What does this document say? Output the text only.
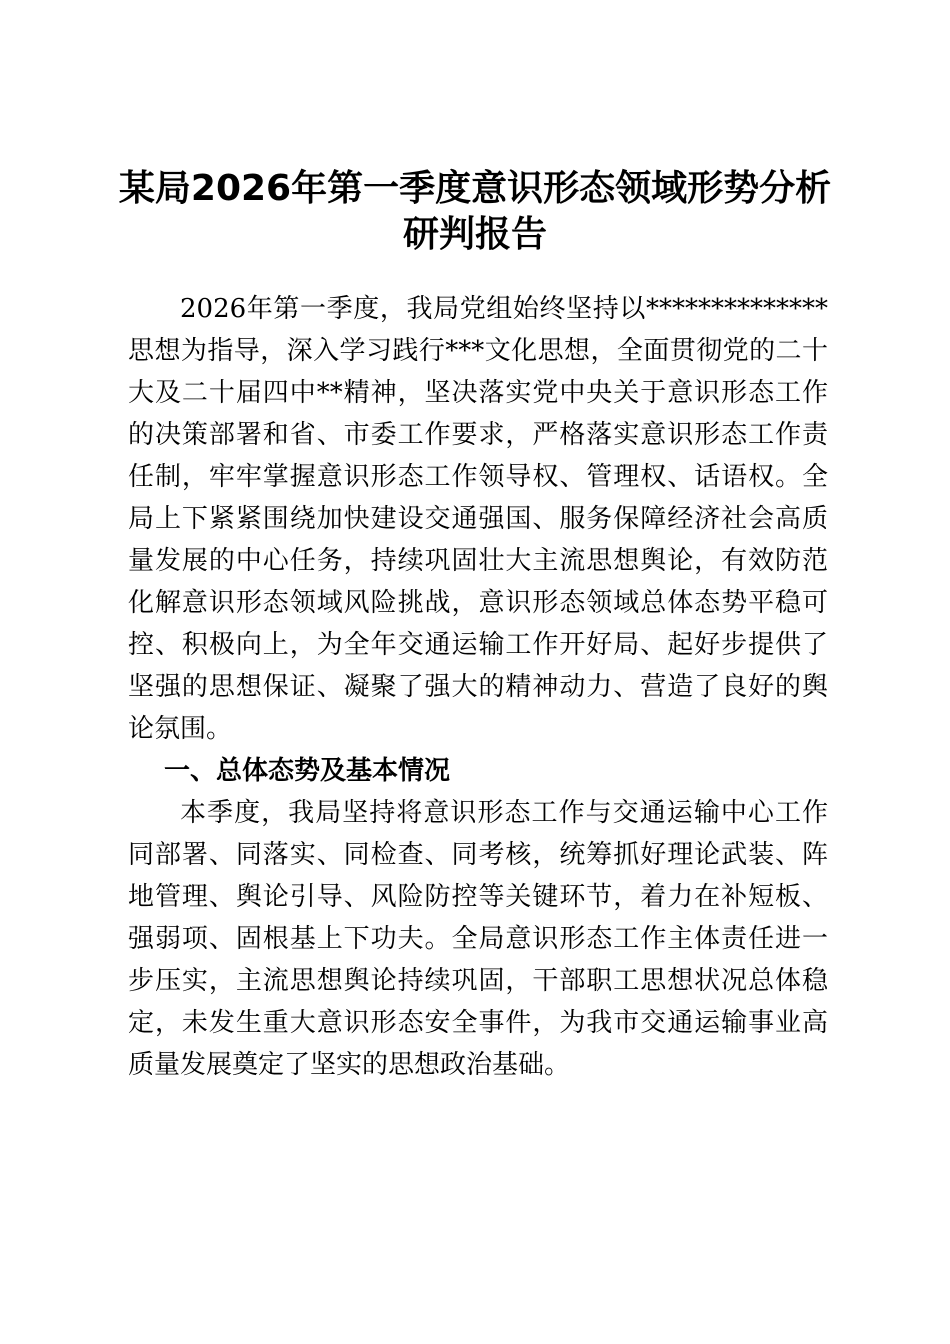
某局2026年第一季度意识形态领域形势分析
研判报告

2026年第一季度，我局党组始终坚持以**************思想为指导，深入学习践行***文化思想，全面贯彻党的二十大及二十届四中**精神，坚决落实党中央关于意识形态工作的决策部署和省、市委工作要求，严格落实意识形态工作责任制，牢牢掌握意识形态工作领导权、管理权、话语权。全局上下紧紧围绕加快建设交通强国、服务保障经济社会高质量发展的中心任务，持续巩固壮大主流思想舆论，有效防范化解意识形态领域风险挑战，意识形态领域总体态势平稳可控、积极向上，为全年交通运输工作开好局、起好步提供了坚强的思想保证、凝聚了强大的精神动力、营造了良好的舆论氛围。

一、总体态势及基本情况

本季度，我局坚持将意识形态工作与交通运输中心工作同部署、同落实、同检查、同考核，统筹抓好理论武装、阵地管理、舆论引导、风险防控等关键环节，着力在补短板、强弱项、固根基上下功夫。全局意识形态工作主体责任进一步压实，主流思想舆论持续巩固，干部职工思想状况总体稳定，未发生重大意识形态安全事件，为我市交通运输事业高质量发展奠定了坚实的思想政治基础。
